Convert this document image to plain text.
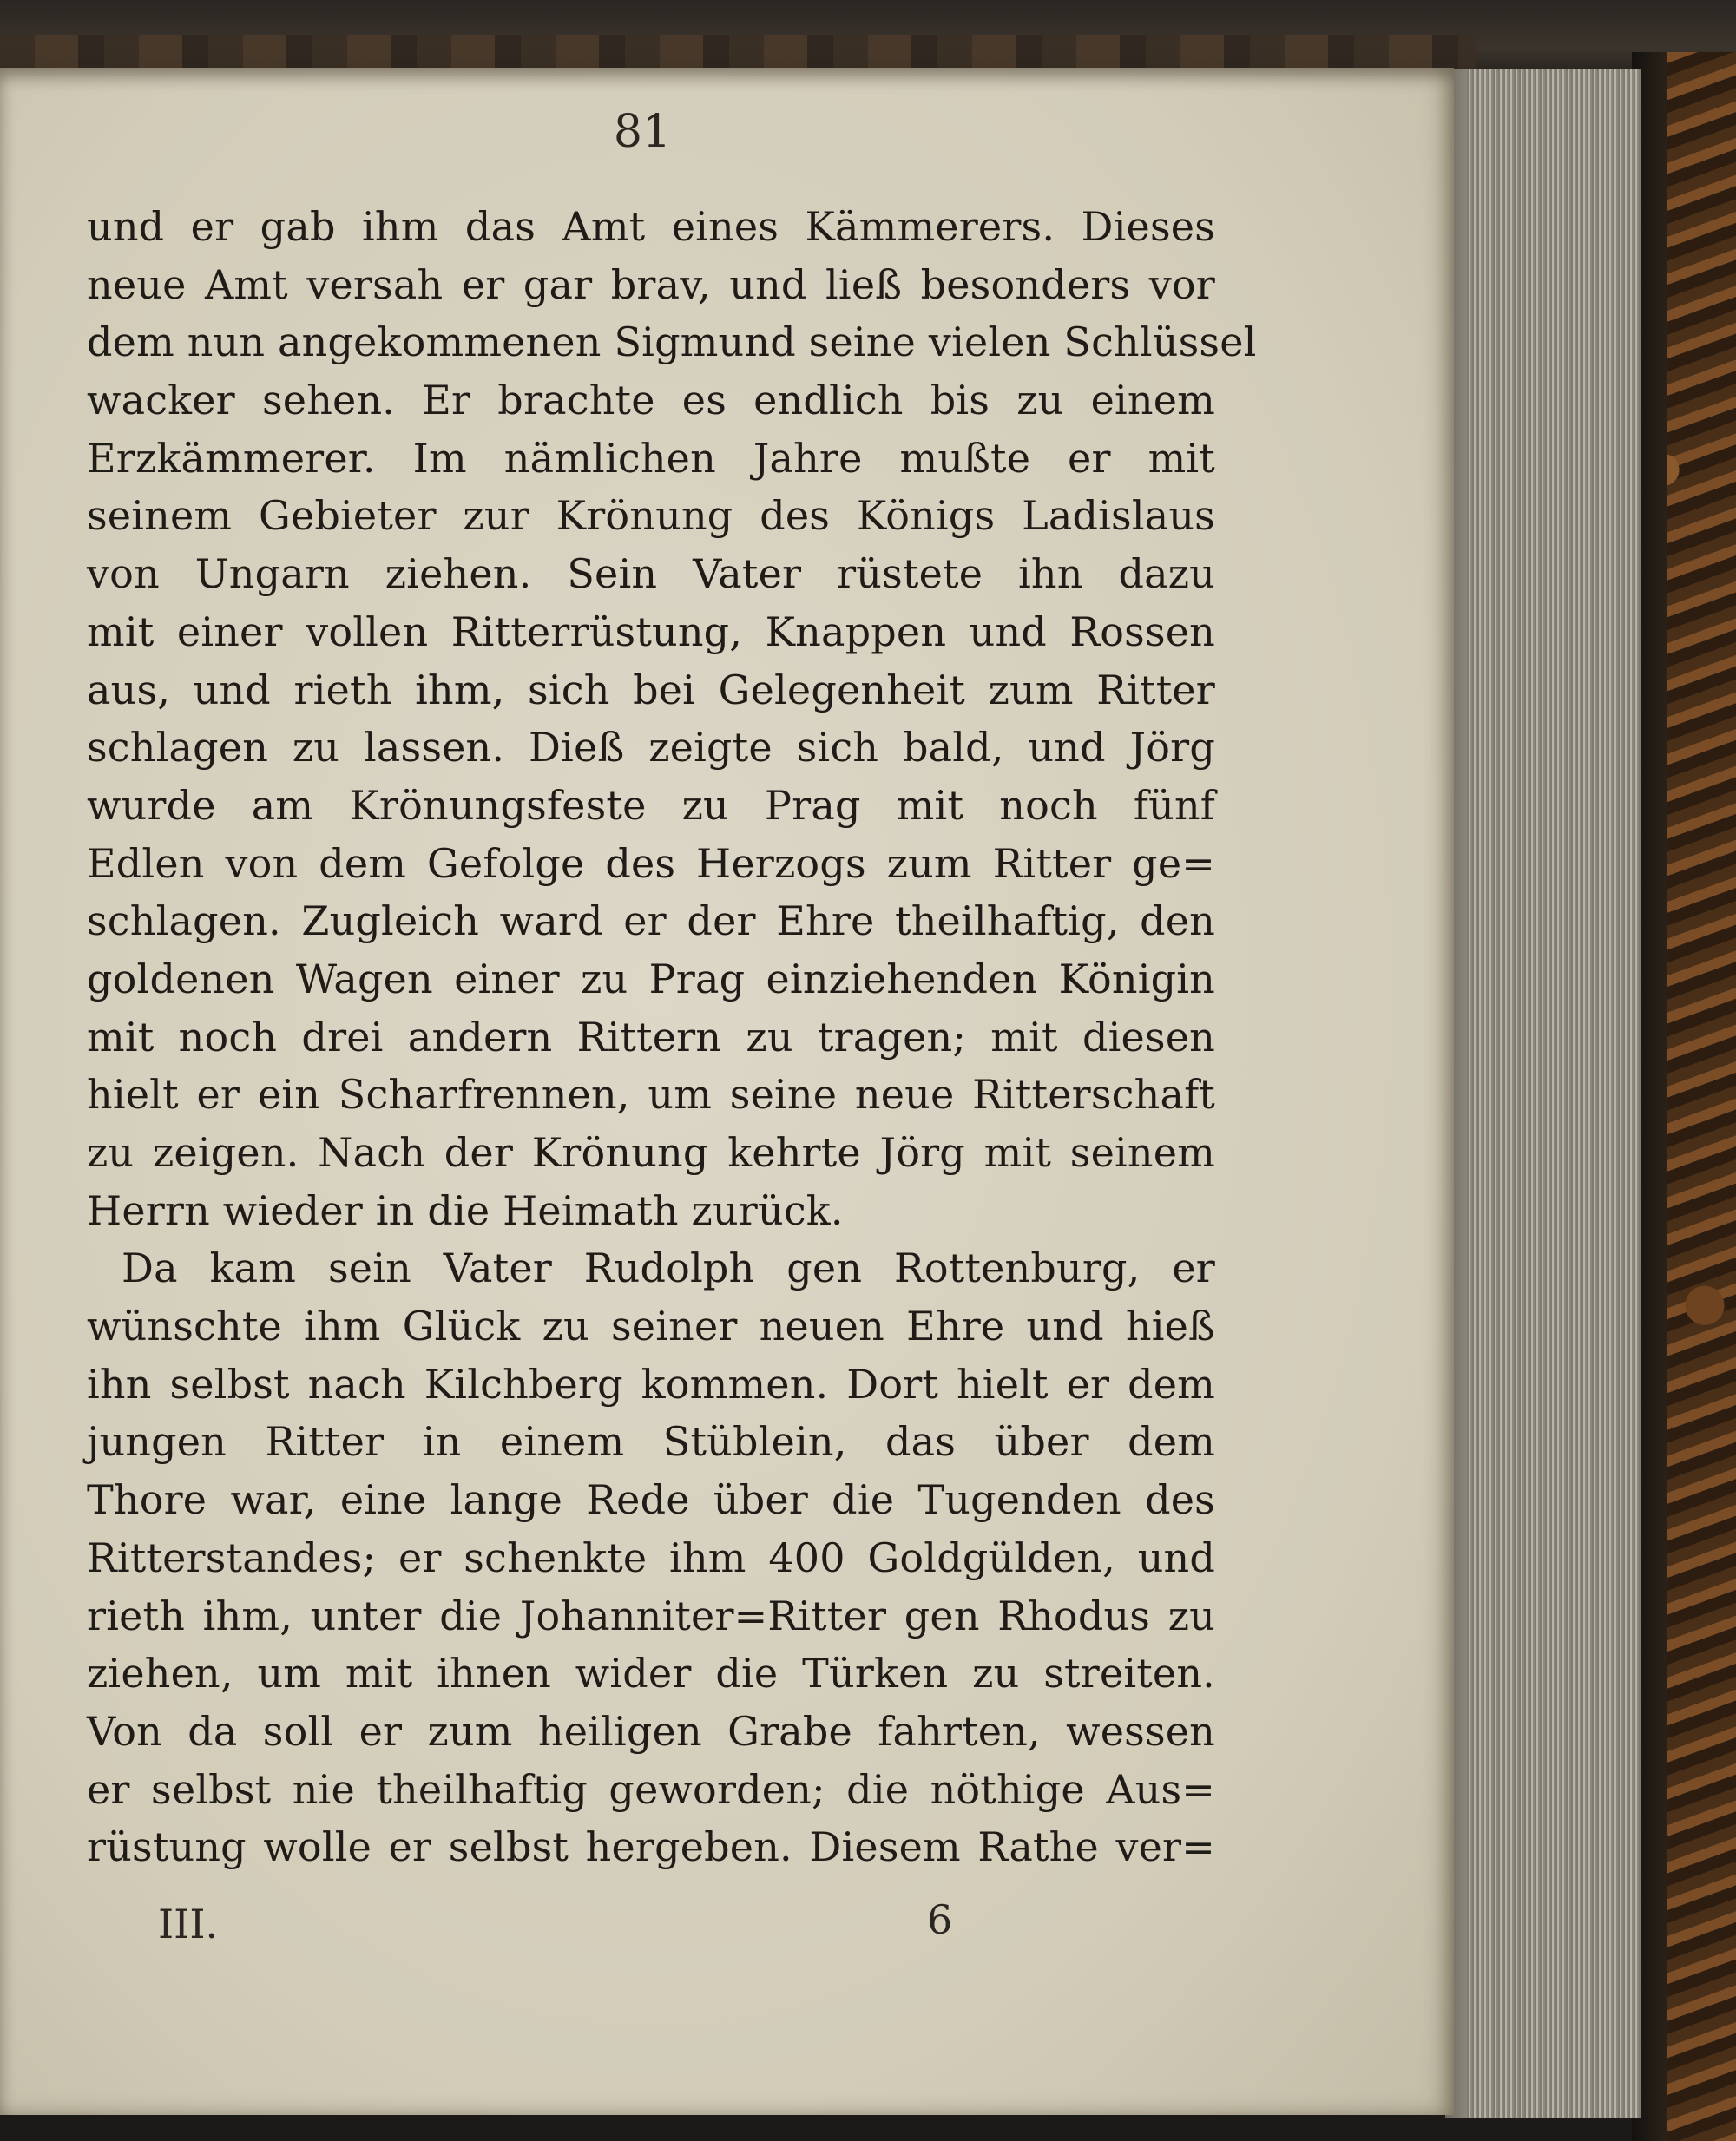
81

und er gab ihm das Amt eines Kämmerers. Dieses
neue Amt versah er gar brav, und ließ besonders vor
dem nun angekommenen Sigmund seine vielen Schlüssel
wacker sehen. Er brachte es endlich bis zu einem
Erzkämmerer. Im nämlichen Jahre mußte er mit
seinem Gebieter zur Krönung des Königs Ladislaus
von Ungarn ziehen. Sein Vater rüstete ihn dazu
mit einer vollen Ritterrüstung, Knappen und Rossen
aus, und rieth ihm, sich bei Gelegenheit zum Ritter
schlagen zu lassen. Dieß zeigte sich bald, und Jörg
wurde am Krönungsfeste zu Prag mit noch fünf
Edlen von dem Gefolge des Herzogs zum Ritter ge=
schlagen. Zugleich ward er der Ehre theilhaftig, den
goldenen Wagen einer zu Prag einziehenden Königin
mit noch drei andern Rittern zu tragen; mit diesen
hielt er ein Scharfrennen, um seine neue Ritterschaft
zu zeigen. Nach der Krönung kehrte Jörg mit seinem
Herrn wieder in die Heimath zurück.
Da kam sein Vater Rudolph gen Rottenburg, er
wünschte ihm Glück zu seiner neuen Ehre und hieß
ihn selbst nach Kilchberg kommen. Dort hielt er dem
jungen Ritter in einem Stüblein, das über dem
Thore war, eine lange Rede über die Tugenden des
Ritterstandes; er schenkte ihm 400 Goldgülden, und
rieth ihm, unter die Johanniter=Ritter gen Rhodus zu
ziehen, um mit ihnen wider die Türken zu streiten.
Von da soll er zum heiligen Grabe fahrten, wessen
er selbst nie theilhaftig geworden; die nöthige Aus=
rüstung wolle er selbst hergeben. Diesem Rathe ver=

III.	6
